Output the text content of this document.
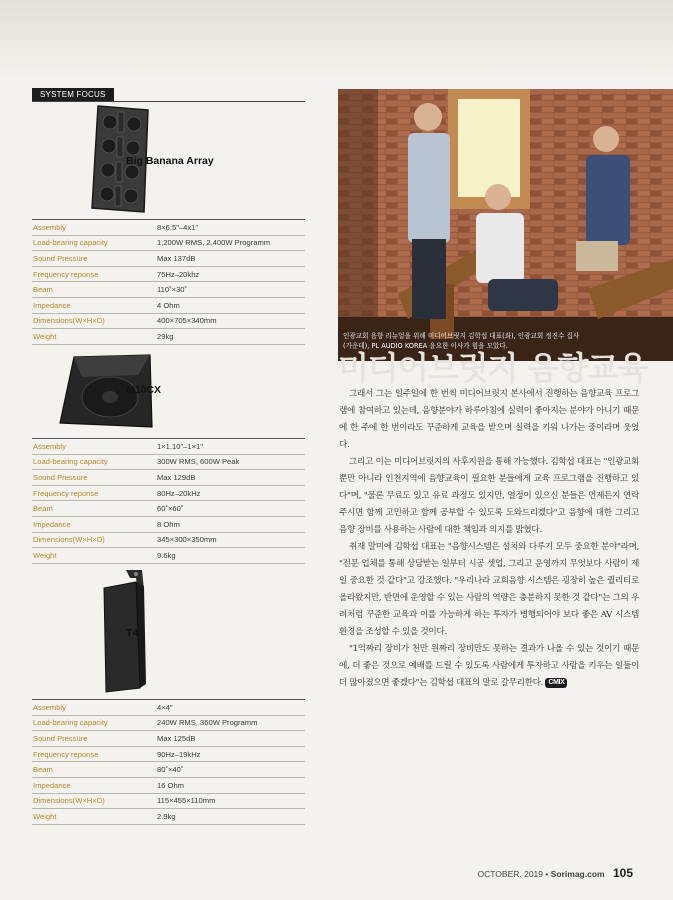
SYSTEM FOCUS
Big Banana Array
Assembly	8×6.5"–4x1"
Load-bearing capacity	1,200W RMS, 2,400W Programm
Sound Pressure	Max 137dB
Frequency reponse	75Hz–20khz
Beam	110˚×30˚
Impedance	4 Ohm
Dimensions(W×H×D)	400×705×340mm
Weight	29kg
M10CX
Assembly	1×1.10"–1×1"
Load-bearing capacity	300W RMS, 600W Peak
Sound Pressure	Max 129dB
Frequency reponse	80Hz–20kHz
Beam	60˚×60˚
Impedance	8 Ohm
Dimensions(W×H×D)	345×300×350mm
Weight	9.6kg
T4
Assembly	4×4"
Load-bearing capacity	240W RMS, 360W Programm
Sound Pressure	Max 125dB
Frequency reponse	90Hz–19kHz
Beam	80˚×40˚
Impedance	16 Ohm
Dimensions(W×H×D)	115×455×110mm
Weight	2.9kg
인광교회 음향 리뉴얼을 위해 미디어브릿지 김학섭 대표(좌), 인광교회 정진수 집사
(가운데), PL AUDIO KOREA 윤요한 이사가 힘을 모았다.
미디어브릿지 음향교육

그래서 그는 일주일에 한 번씩 미디어브릿지 본사에서 진행하는 음향교육 프로그램에 참여하고 있는데, 음향분야가 하루아침에 실력이 좋아지는 분야가 아니기 때문에 한 주에 한 번이라도 꾸준하게 교육을 받으며 실력을 키워 나가는 중이라며 웃었다.

그리고 이는 미디어브릿지의 사후지원을 통해 가능했다. 김학섭 대표는 "인광교회 뿐만 아니라 인천지역에 음향교육이 필요한 분들에게 교육 프로그램을 진행하고 있다"며, "물론 무료도 있고 유료 과정도 있지만, 열정이 있으신 분들은 언제든지 연락주시면 함께 고민하고 함께 공부할 수 있도록 도와드리겠다"고 음향에 대한 그리고 음향 장비를 사용하는 사람에 대한 책임과 의지를 밝혔다.

취재 말미에 김학섭 대표는 "음향시스템은 설치와 다루기 모두 중요한 분야"라며, "전문 업체를 통해 상담받는 일부터 시공 셋업, 그리고 운영까지 무엇보다 사람이 제일 중요한 것 같다"고 강조했다. "우리나라 교회음향 시스템은 굉장히 높은 퀄리티로 올라왔지만, 반면에 운영할 수 있는 사람의 역량은 충분하지 못한 것 같다"는 그의 우려처럼 꾸준한 교육과 이를 가능하게 하는 투자가 병행되어야 보다 좋은 AV 시스템 환경을 조성할 수 있을 것이다.

"1억짜리 장비가 천만 원짜리 장비만도 못하는 결과가 나올 수 있는 것이기 때문에, 더 좋은 것으로 예배를 드릴 수 있도록 사람에게 투자하고 사람을 키우는 일들이 더 많아졌으면 좋겠다"는 김학섭 대표의 말로 갈무리한다. CMIX

OCTOBER. 2019 • Sorimag.com 105
